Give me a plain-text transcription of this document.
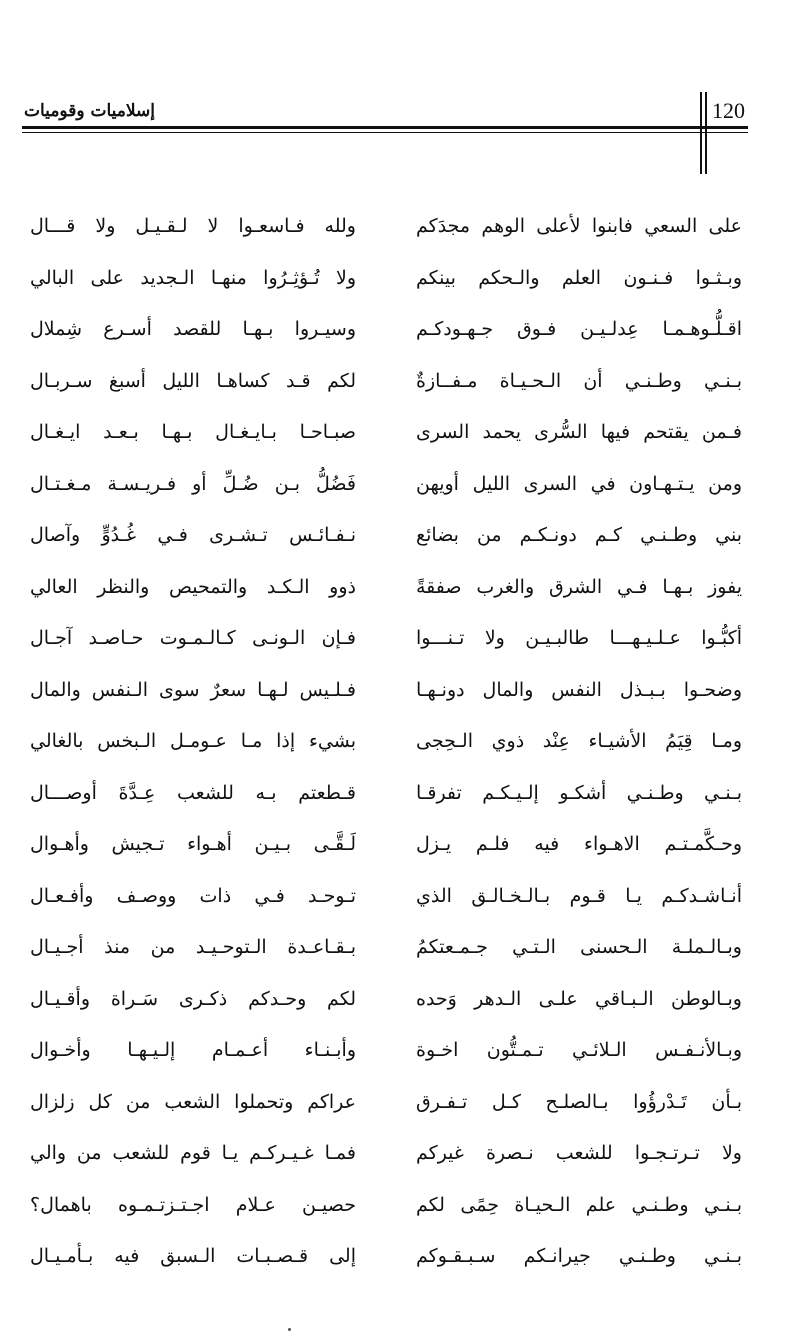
120
إسلاميات وقوميات
على السعي فابنوا لأعلى الوهم مجدَكم
ولله فـاسعـوا لا لـقـيـل ولا قـــال
وبـثـوا فـنـون العلم والـحكم بينكم
ولا تُـؤثِـرُوا منهـا الـجديد على البالي
اقـلُّـوهـمـا عِدلـيـن فـوق جـهـودكـم
وسيـروا بـهـا للقصد أسـرع شِملال
بـنـي وطـنـي أن الـحـيـاة مـفــازةٌ
لكم قـد كساهـا الليل أسبغ سـربـال
فـمن يقتحم فيها السُّرى يحمد السرى
صبـاحـا بـايـغـال بـهـا بـعـد ايـغـال
ومن يـتـهـاون في السرى الليل أويهن
فَضُلُّ بـن ضُـلِّ أو فـريـسـة مـغـتـال
بني وطـنـي كـم دونـكـم من بضائع
نـفـائـس تـشـرى فـي غُـدُوٍّ وآصال
يفوز بـهـا فـي الشرق والغرب صفقةً
ذوو الـكـد والتمحيص والنظر العالي
أكبُّـوا عـلـيـهـــا طالبـيـن ولا تـنـــوا
فـإن الـونـى كـالـمـوت حـاصـد آجـال
وضحـوا بـبـذل النفس والمال دونـهـا
فـلـيس لـهـا سعرٌ سوى الـنفس والمال
ومـا قِيَمُ الأشيـاء عِنْد ذوي الـحِجى
بشيء إذا مـا عـومـل الـبخس بالغالي
بـنـي وطـنـي أشكـو إلـيـكـم تفرقـا
قـطعتم بـه للشعب عِـدَّةَ أوصـــال
وحـكَّمـتـم الاهـواء فيه فلـم يـزل
لَـقَّـى بـيـن أهـواء تـجيش وأهـوال
أنـاشـدكـم يـا قـوم بـالـخـالـق الذي
تـوحـد فـي ذات ووصـف وأفـعـال
وبـالـملـة الـحسنى الـتـي جـمـعتكمُ
بـقـاعـدة الـتوحـيـد من منذ أجـيـال
وبـالوطن الـبـاقي علـى الـدهر وَحده
لكم وحـدكم ذكـرى سَـراة وأقـيـال
وبـالأنـفـس الـلائـي تـمـتُّون اخـوة
وأبـنـاء أعـمـام إلـيـهـا وأخـوال
بـأن تَـدْرؤُوا بـالصلـح كـل تـفـرق
عراكم وتحملوا الشعب من كل زلزال
ولا تـرتـجـوا للشعب نـصرة غيركم
فمـا غـيـركـم يـا قوم للشعب من والي
بـنـي وطـنـي علم الـحيـاة حِمًى لكم
حصيـن عـلام اجـتـزتـمـوه باهمال؟
بـنـي وطـنـي جيرانـكم سـبـقـوكم
إلى قـصـبـات الـسبق فيه بـأمـيـال
